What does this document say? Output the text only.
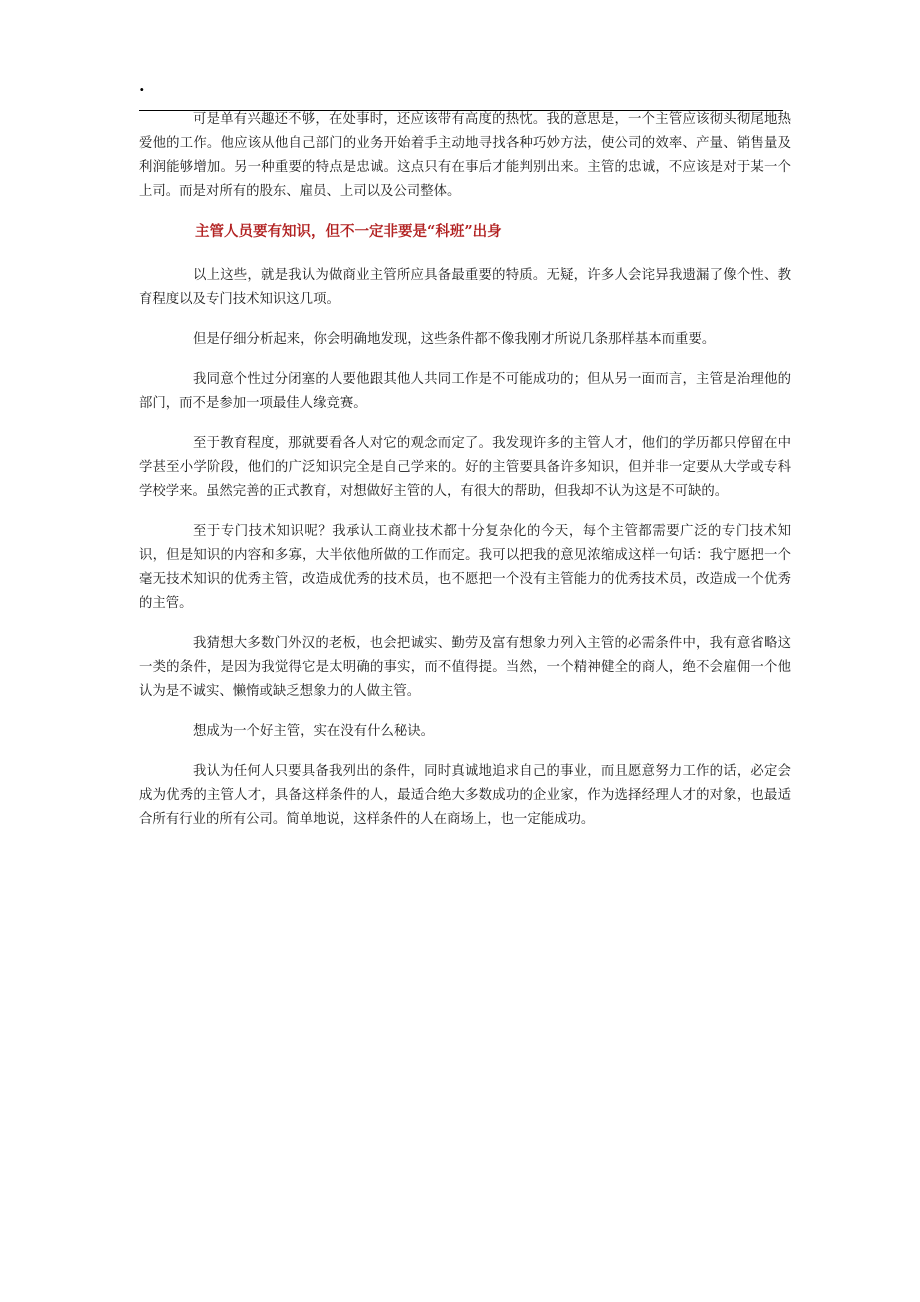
.

可是单有兴趣还不够，在处事时，还应该带有高度的热忱。我的意思是，一个主管应该彻头彻尾地热爱他的工作。他应该从他自己部门的业务开始着手主动地寻找各种巧妙方法，使公司的效率、产量、销售量及利润能够增加。另一种重要的特点是忠诚。这点只有在事后才能判别出来。主管的忠诚，不应该是对于某一个上司。而是对所有的股东、雇员、上司以及公司整体。

主管人员要有知识，但不一定非要是“科班”出身

以上这些，就是我认为做商业主管所应具备最重要的特质。无疑，许多人会诧异我遗漏了像个性、教育程度以及专门技术知识这几项。

但是仔细分析起来，你会明确地发现，这些条件都不像我刚才所说几条那样基本而重要。

我同意个性过分闭塞的人要他跟其他人共同工作是不可能成功的；但从另一面而言，主管是治理他的部门，而不是参加一项最佳人缘竞赛。

至于教育程度，那就要看各人对它的观念而定了。我发现许多的主管人才，他们的学历都只停留在中学甚至小学阶段，他们的广泛知识完全是自己学来的。好的主管要具备许多知识，但并非一定要从大学或专科学校学来。虽然完善的正式教育，对想做好主管的人，有很大的帮助，但我却不认为这是不可缺的。

至于专门技术知识呢？我承认工商业技术都十分复杂化的今天，每个主管都需要广泛的专门技术知识，但是知识的内容和多寡，大半依他所做的工作而定。我可以把我的意见浓缩成这样一句话：我宁愿把一个毫无技术知识的优秀主管，改造成优秀的技术员，也不愿把一个没有主管能力的优秀技术员，改造成一个优秀的主管。

我猜想大多数门外汉的老板，也会把诚实、勤劳及富有想象力列入主管的必需条件中，我有意省略这一类的条件，是因为我觉得它是太明确的事实，而不值得提。当然，一个精神健全的商人，绝不会雇佣一个他认为是不诚实、懒惰或缺乏想象力的人做主管。

想成为一个好主管，实在没有什么秘诀。

我认为任何人只要具备我列出的条件，同时真诚地追求自己的事业，而且愿意努力工作的话，必定会成为优秀的主管人才，具备这样条件的人，最适合绝大多数成功的企业家，作为选择经理人才的对象，也最适合所有行业的所有公司。简单地说，这样条件的人在商场上，也一定能成功。
